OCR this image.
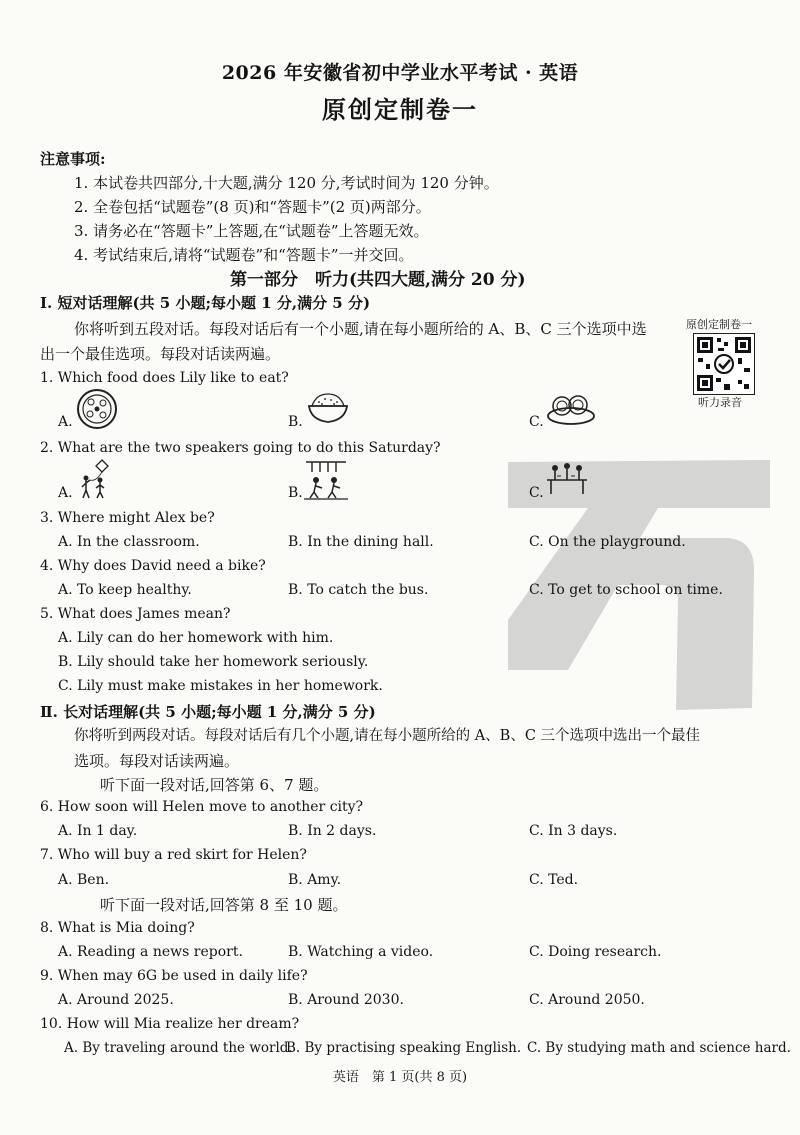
2026 年安徽省初中学业水平考试 · 英语
原创定制卷一
注意事项:
1. 本试卷共四部分,十大题,满分 120 分,考试时间为 120 分钟。
2. 全卷包括“试题卷”(8 页)和“答题卡”(2 页)两部分。
3. 请务必在“答题卡”上答题,在“试题卷”上答题无效。
4. 考试结束后,请将“试题卷”和“答题卡”一并交回。
第一部分　听力(共四大题,满分 20 分)
Ⅰ. 短对话理解(共 5 小题;每小题 1 分,满分 5 分)
你将听到五段对话。每段对话后有一个小题,请在每小题所给的 A、B、C 三个选项中选
出一个最佳选项。每段对话读两遍。
原创定制卷一
听力录音
1. Which food does Lily like to eat?
A.	B.	C.
2. What are the two speakers going to do this Saturday?
A.	B.	C.
3. Where might Alex be?
A. In the classroom.	B. In the dining hall.	C. On the playground.
4. Why does David need a bike?
A. To keep healthy.	B. To catch the bus.	C. To get to school on time.
5. What does James mean?
A. Lily can do her homework with him.
B. Lily should take her homework seriously.
C. Lily must make mistakes in her homework.
Ⅱ. 长对话理解(共 5 小题;每小题 1 分,满分 5 分)
你将听到两段对话。每段对话后有几个小题,请在每小题所给的 A、B、C 三个选项中选出一个最佳
选项。每段对话读两遍。
听下面一段对话,回答第 6、7 题。
6. How soon will Helen move to another city?
A. In 1 day.	B. In 2 days.	C. In 3 days.
7. Who will buy a red skirt for Helen?
A. Ben.	B. Amy.	C. Ted.
听下面一段对话,回答第 8 至 10 题。
8. What is Mia doing?
A. Reading a news report.	B. Watching a video.	C. Doing research.
9. When may 6G be used in daily life?
A. Around 2025.	B. Around 2030.	C. Around 2050.
10. How will Mia realize her dream?
A. By traveling around the world.
B. By practising speaking English. C. By studying math and science hard.
英语　第 1 页(共 8 页)
